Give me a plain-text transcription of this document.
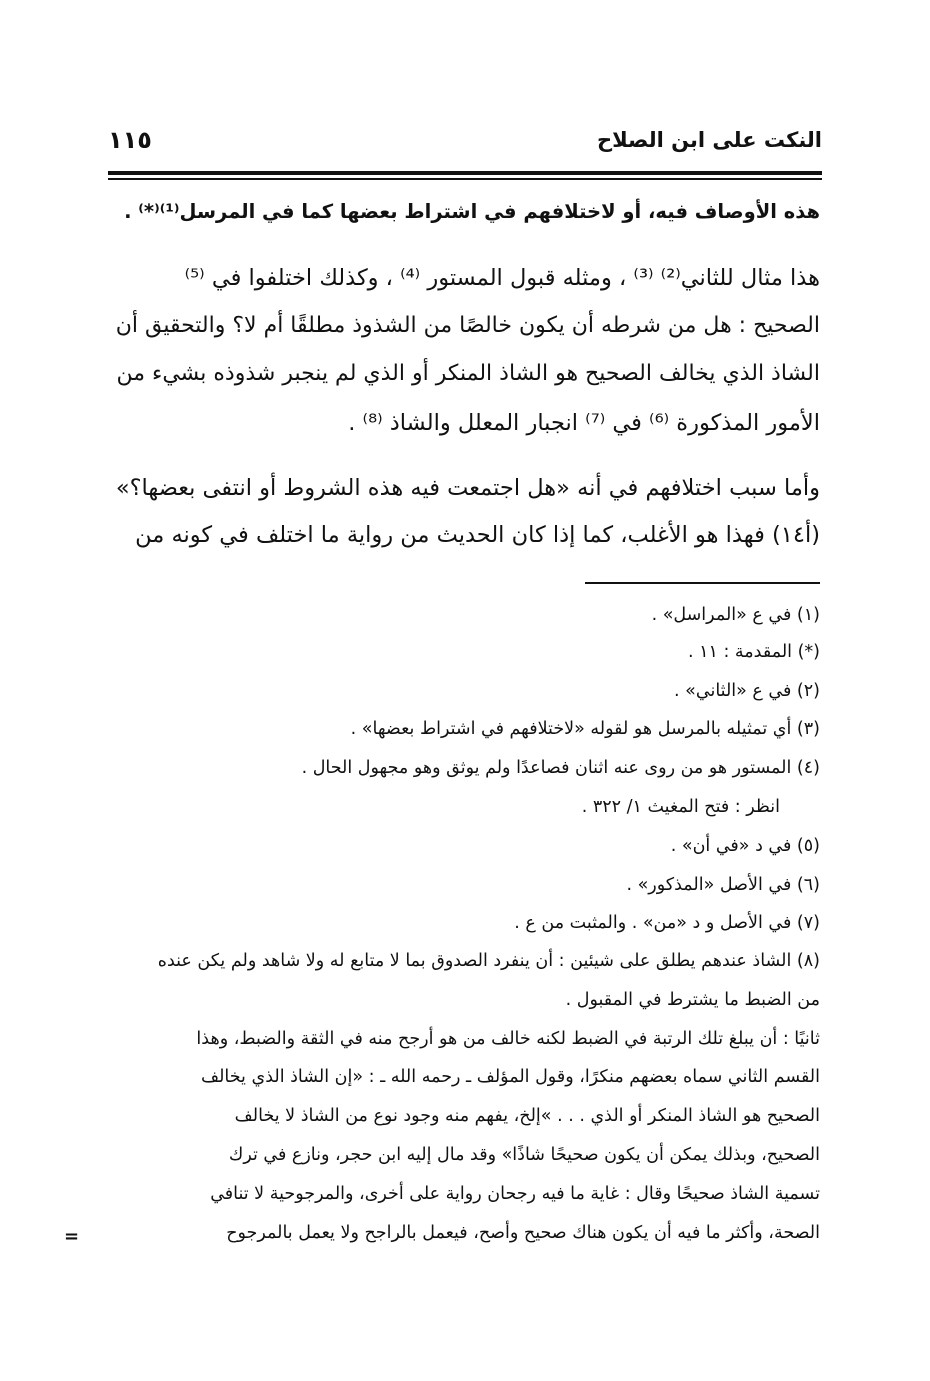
النكت على ابن الصلاح
١١٥
هذه الأوصاف فيه، أو لاختلافهم في اشتراط بعضها كما في المرسل⁽¹⁾⁽*⁾ .
هذا مثال للثاني⁽²⁾ ⁽³⁾ ، ومثله قبول المستور ⁽⁴⁾ ، وكذلك اختلفوا في ⁽⁵⁾
الصحيح : هل من شرطه أن يكون خالصًا من الشذوذ مطلقًا أم لا؟ والتحقيق أن
الشاذ الذي يخالف الصحيح هو الشاذ المنكر أو الذي لم ينجبر شذوذه بشيء من
الأمور المذكورة ⁽⁶⁾ في ⁽⁷⁾ انجبار المعلل والشاذ ⁽⁸⁾ .
وأما سبب اختلافهم في أنه «هل اجتمعت فيه هذه الشروط أو انتفى بعضها؟»
(أ١٤) فهذا هو الأغلب، كما إذا كان الحديث من رواية ما اختلف في كونه من
(١) في ع «المراسل» .
(*) المقدمة : ١١ .
(٢) في ع «الثاني» .
(٣) أي تمثيله بالمرسل هو لقوله «لاختلافهم في اشتراط بعضها» .
(٤) المستور هو من روى عنه اثنان فصاعدًا ولم يوثق وهو مجهول الحال .
انظر : فتح المغيث ١/ ٣٢٢ .
(٥) في د «في أن» .
(٦) في الأصل «المذكور» .
(٧) في الأصل و د «من» . والمثبت من ع .
(٨) الشاذ عندهم يطلق على شيئين : أن ينفرد الصدوق بما لا متابع له ولا شاهد ولم يكن عنده
من الضبط ما يشترط في المقبول .
ثانيًا : أن يبلغ تلك الرتبة في الضبط لكنه خالف من هو أرجح منه في الثقة والضبط، وهذا
القسم الثاني سماه بعضهم منكرًا، وقول المؤلف ـ رحمه الله ـ : «إن الشاذ الذي يخالف
الصحيح هو الشاذ المنكر أو الذي . . . »إلخ، يفهم منه وجود نوع من الشاذ لا يخالف
الصحيح، وبذلك يمكن أن يكون صحيحًا شاذًا» وقد مال إليه ابن حجر، ونازع في ترك
تسمية الشاذ صحيحًا وقال : غاية ما فيه رجحان رواية على أخرى، والمرجوحية لا تنافي
الصحة، وأكثر ما فيه أن يكون هناك صحيح وأصح، فيعمل بالراجح ولا يعمل بالمرجوح
=
